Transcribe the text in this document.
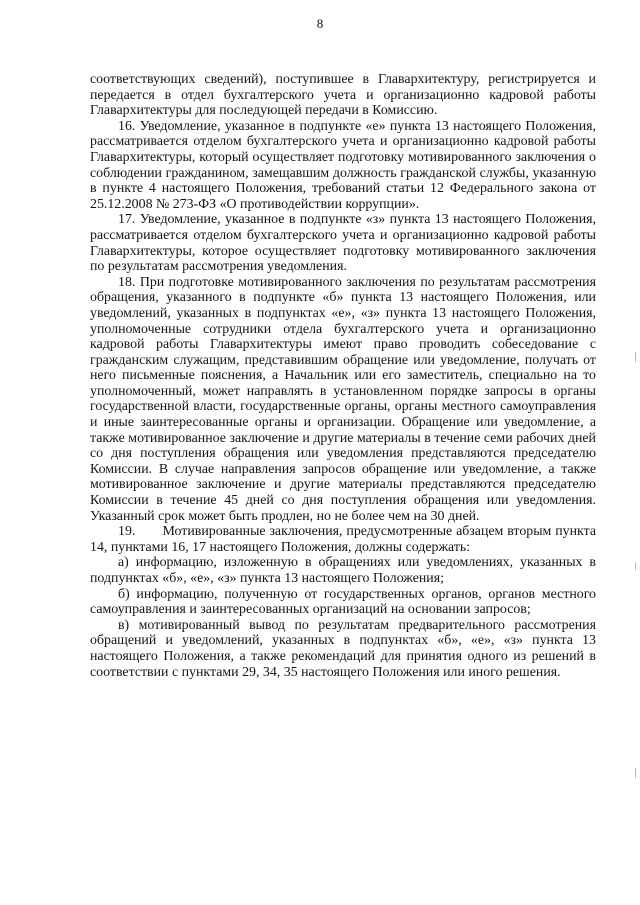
8

соответствующих сведений), поступившее в Главархитектуру, регистрируется и передается в отдел бухгалтерского учета и организационно кадровой работы Главархитектуры для последующей передачи в Комиссию.

16. Уведомление, указанное в подпункте «е» пункта 13 настоящего Положения, рассматривается отделом бухгалтерского учета и организационно кадровой работы Главархитектуры, который осуществляет подготовку мотивированного заключения о соблюдении гражданином, замещавшим должность гражданской службы, указанную в пункте 4 настоящего Положения, требований статьи 12 Федерального закона от 25.12.2008 № 273-ФЗ «О противодействии коррупции».

17. Уведомление, указанное в подпункте «з» пункта 13 настоящего Положения, рассматривается отделом бухгалтерского учета и организационно кадровой работы Главархитектуры, которое осуществляет подготовку мотивированного заключения по результатам рассмотрения уведомления.

18. При подготовке мотивированного заключения по результатам рассмотрения обращения, указанного в подпункте «б» пункта 13 настоящего Положения, или уведомлений, указанных в подпунктах «е», «з» пункта 13 настоящего Положения, уполномоченные сотрудники отдела бухгалтерского учета и организационно кадровой работы Главархитектуры имеют право проводить собеседование с гражданским служащим, представившим обращение или уведомление, получать от него письменные пояснения, а Начальник или его заместитель, специально на то уполномоченный, может направлять в установленном порядке запросы в органы государственной власти, государственные органы, органы местного самоуправления и иные заинтересованные органы и организации. Обращение или уведомление, а также мотивированное заключение и другие материалы в течение семи рабочих дней со дня поступления обращения или уведомления представляются председателю Комиссии. В случае направления запросов обращение или уведомление, а также мотивированное заключение и другие материалы представляются председателю Комиссии в течение 45 дней со дня поступления обращения или уведомления. Указанный срок может быть продлен, но не более чем на 30 дней.

19.       Мотивированные заключения, предусмотренные абзацем вторым пункта 14, пунктами 16, 17 настоящего Положения, должны содержать:

а) информацию, изложенную в обращениях или уведомлениях, указанных в подпунктах «б», «е», «з» пункта 13 настоящего Положения;

б) информацию, полученную от государственных органов, органов местного самоуправления и заинтересованных организаций на основании запросов;

в) мотивированный вывод по результатам предварительного рассмотрения обращений и уведомлений, указанных в подпунктах «б», «е», «з» пункта 13 настоящего Положения, а также рекомендаций для принятия одного из решений в соответствии с пунктами 29, 34, 35 настоящего Положения или иного решения.
